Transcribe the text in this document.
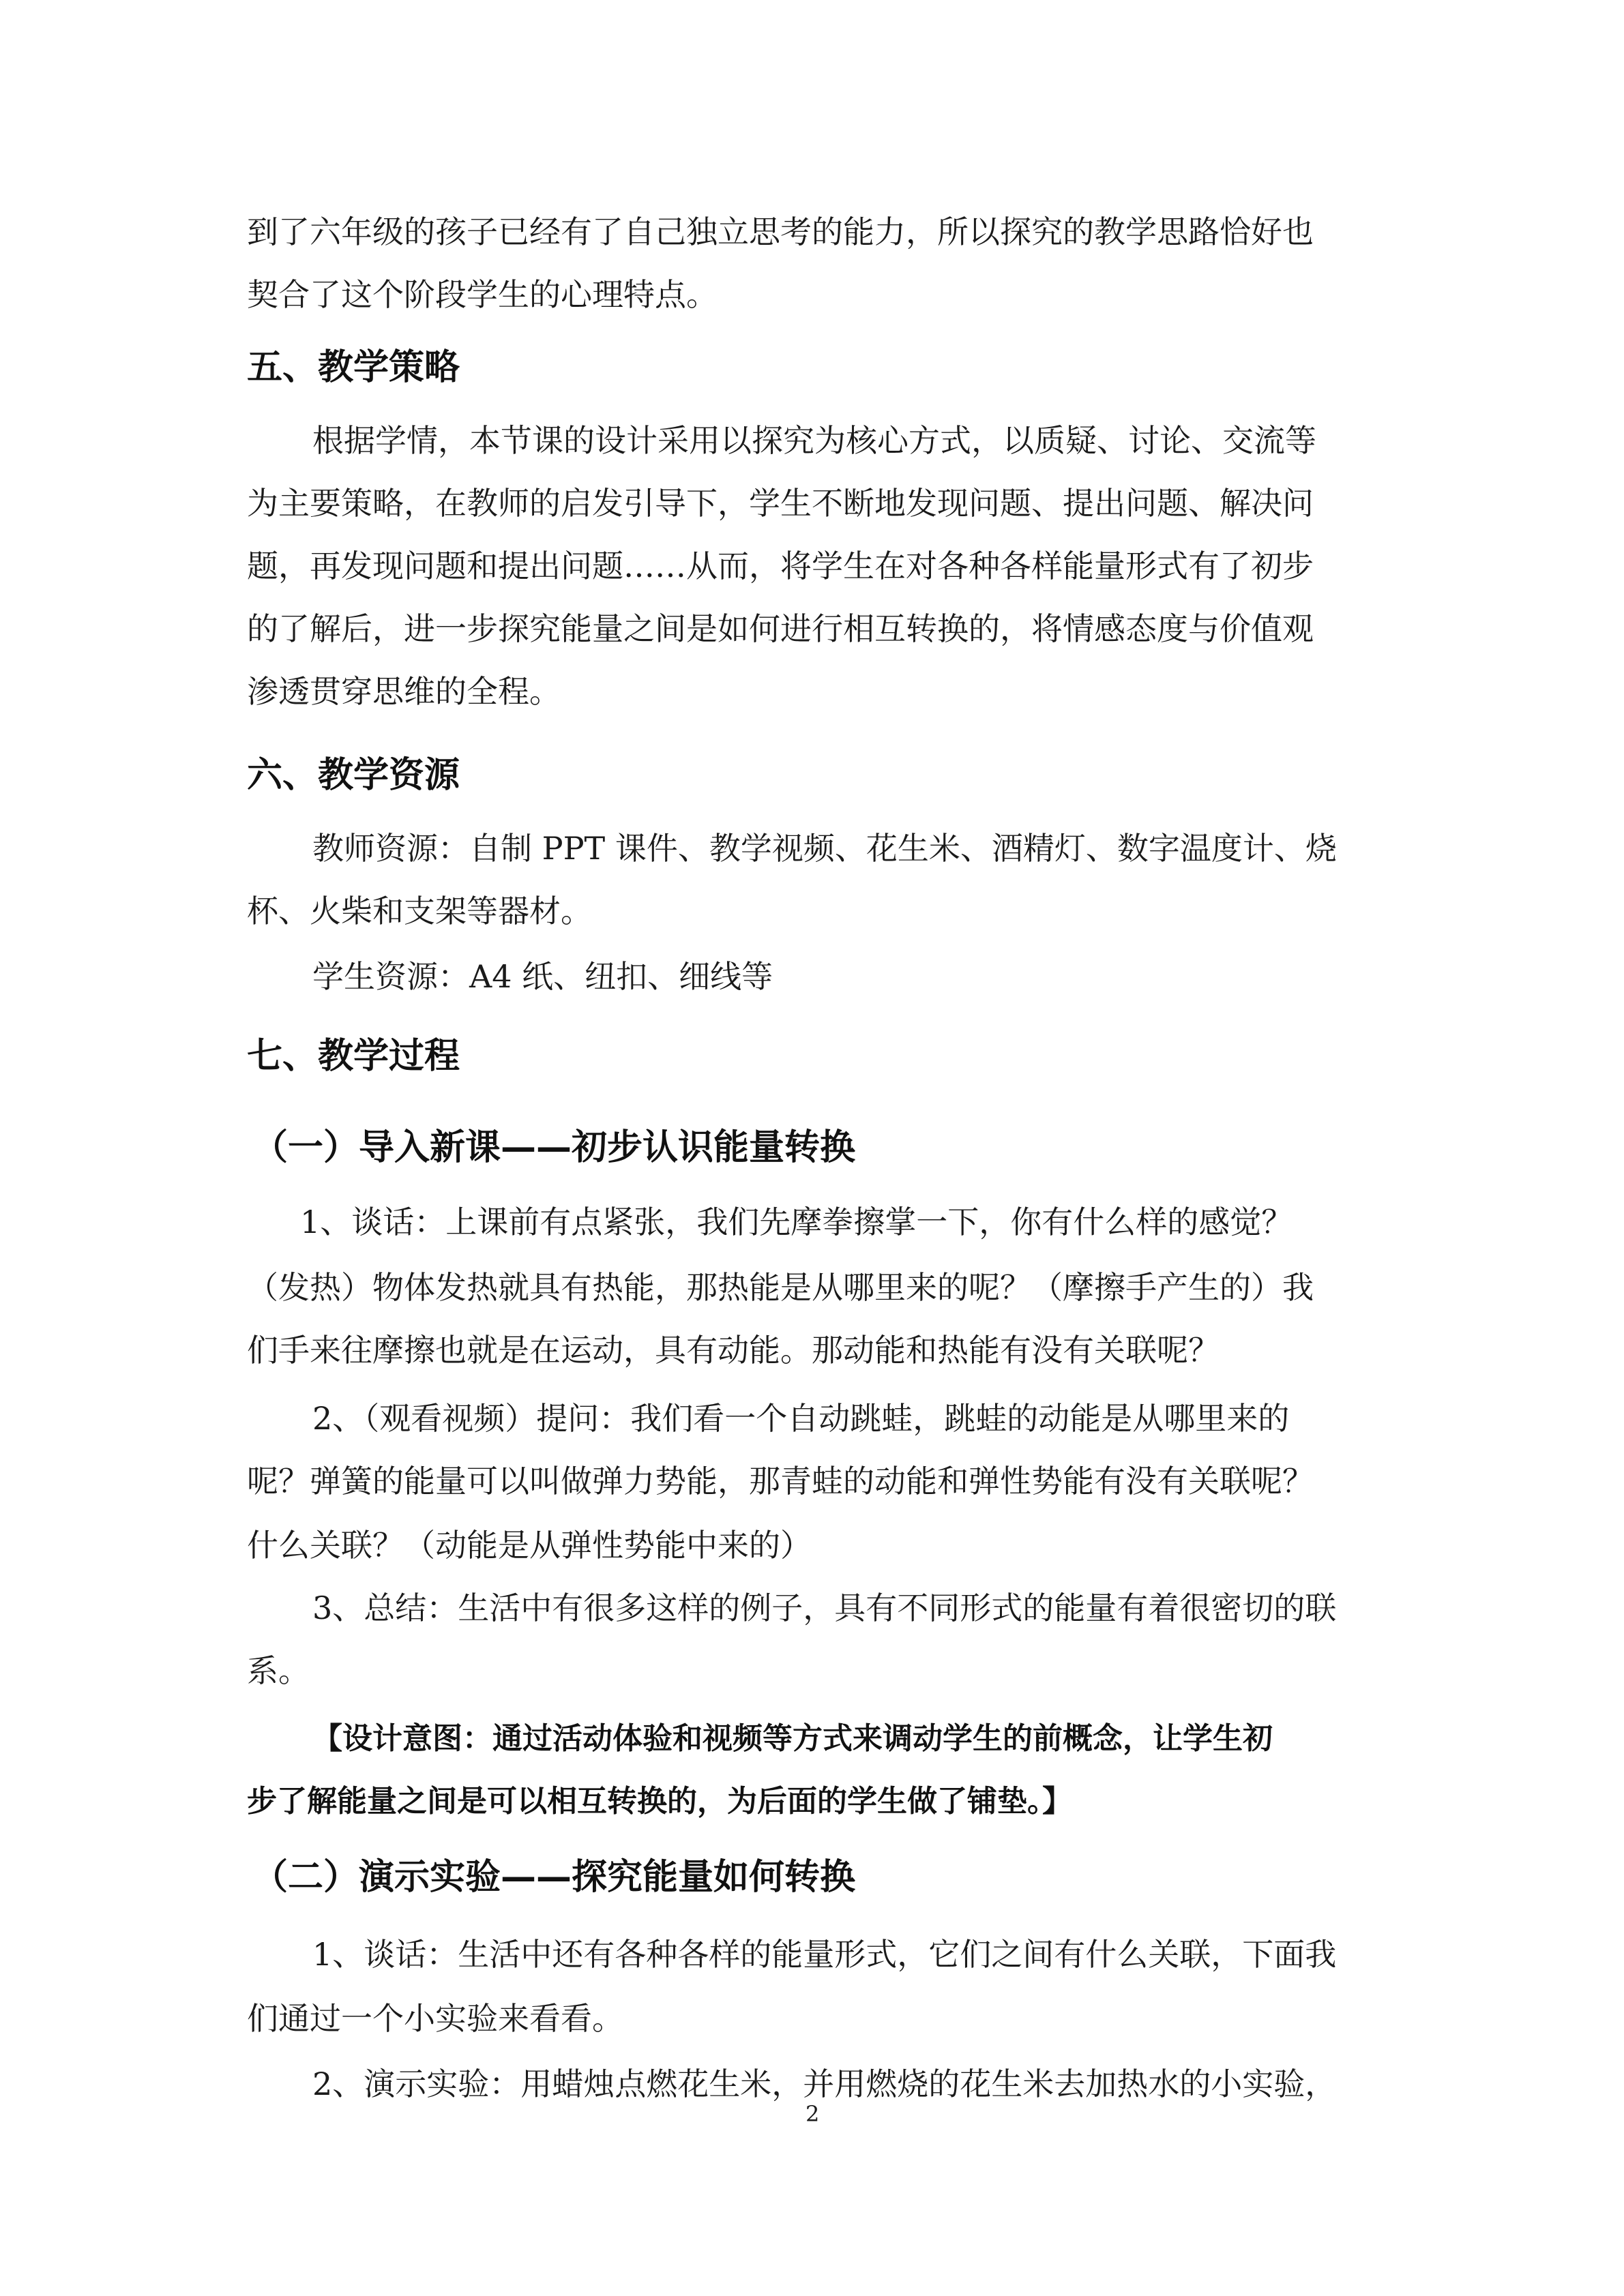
到了六年级的孩子已经有了自己独立思考的能力，所以探究的教学思路恰好也
契合了这个阶段学生的心理特点。
五、教学策略
根据学情，本节课的设计采用以探究为核心方式，以质疑、讨论、交流等
为主要策略，在教师的启发引导下，学生不断地发现问题、提出问题、解决问
题，再发现问题和提出问题……从而，将学生在对各种各样能量形式有了初步
的了解后，进一步探究能量之间是如何进行相互转换的，将情感态度与价值观
渗透贯穿思维的全程。
六、教学资源
教师资源：自制 PPT 课件、教学视频、花生米、酒精灯、数字温度计、烧
杯、火柴和支架等器材。
学生资源：A4 纸、纽扣、细线等
七、教学过程
（一）导入新课——初步认识能量转换
1、谈话：上课前有点紧张，我们先摩拳擦掌一下，你有什么样的感觉？
（发热）物体发热就具有热能，那热能是从哪里来的呢？（摩擦手产生的）我
们手来往摩擦也就是在运动，具有动能。那动能和热能有没有关联呢？
2、（观看视频）提问：我们看一个自动跳蛙，跳蛙的动能是从哪里来的
呢？弹簧的能量可以叫做弹力势能，那青蛙的动能和弹性势能有没有关联呢？
什么关联？（动能是从弹性势能中来的）
3、总结：生活中有很多这样的例子，具有不同形式的能量有着很密切的联
系。
【设计意图：通过活动体验和视频等方式来调动学生的前概念，让学生初
步了解能量之间是可以相互转换的，为后面的学生做了铺垫。】
（二）演示实验——探究能量如何转换
1、谈话：生活中还有各种各样的能量形式，它们之间有什么关联，下面我
们通过一个小实验来看看。
2、演示实验：用蜡烛点燃花生米，并用燃烧的花生米去加热水的小实验，
2
